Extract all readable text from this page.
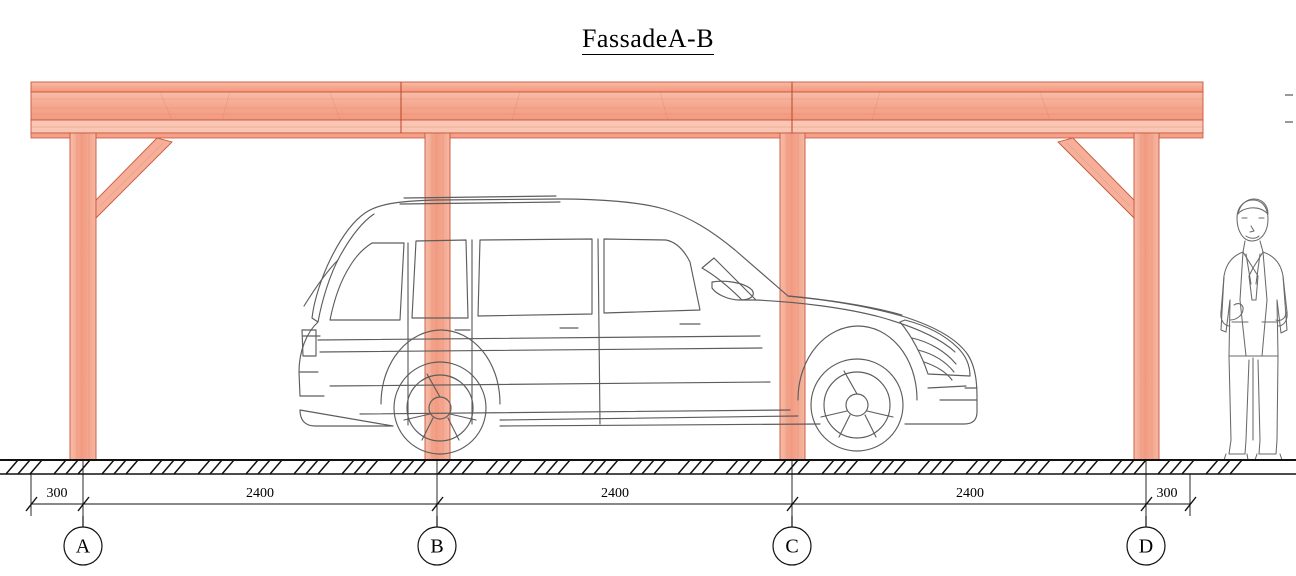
FassadeA-B
300	2400	2400	2400	300
A	B	C	D
